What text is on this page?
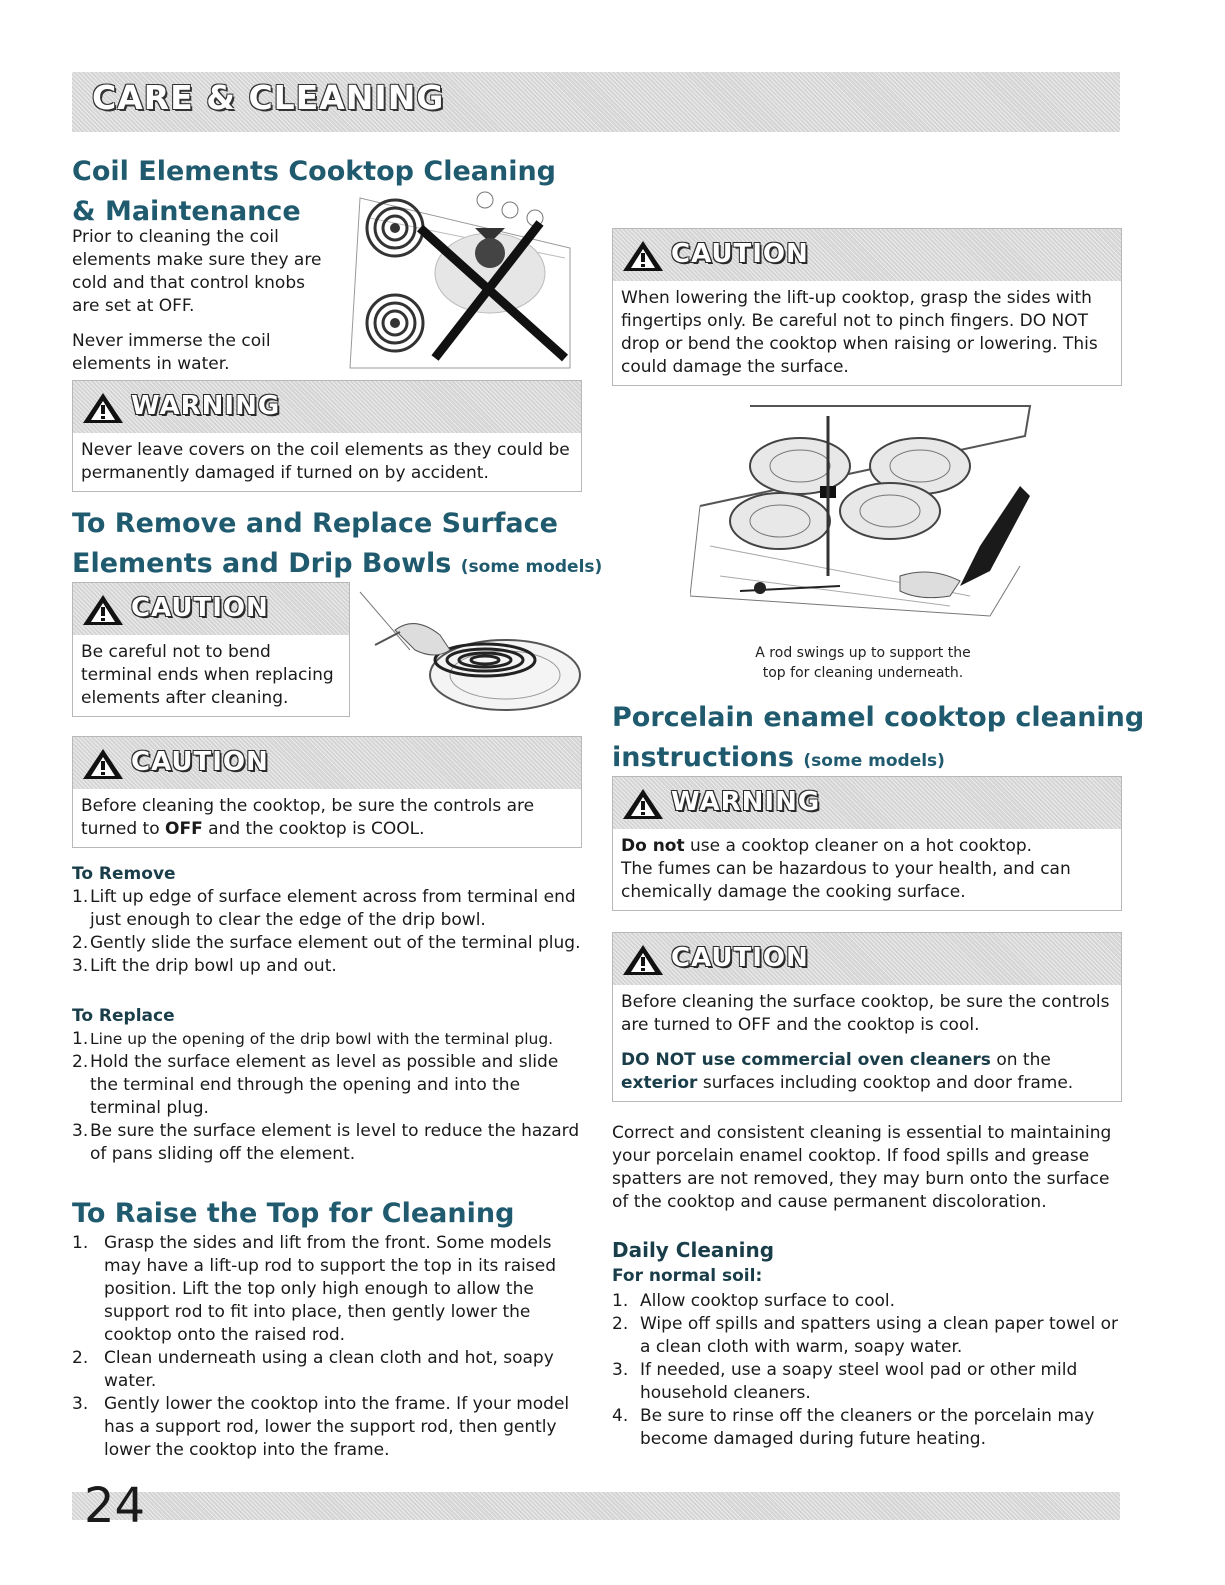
CARE & CLEANING
Coil Elements Cooktop Cleaning
& Maintenance
Prior to cleaning the coil
elements make sure they are
cold and that control knobs
are set at OFF.
Never immerse the coil
elements in water.
WARNING
Never leave covers on the coil elements as they could be
permanently damaged if turned on by accident.
To Remove and Replace Surface
Elements and Drip Bowls (some models)
CAUTION
Be careful not to bend
terminal ends when replacing
elements after cleaning.
CAUTION
Before cleaning the cooktop, be sure the controls are
turned to OFF and the cooktop is COOL.
To Remove
1. Lift up edge of surface element across from terminal end just enough to clear the edge of the drip bowl.
2. Gently slide the surface element out of the terminal plug.
3. Lift the drip bowl up and out.
To Replace
1. Line up the opening of the drip bowl with the terminal plug.
2. Hold the surface element as level as possible and slide the terminal end through the opening and into the terminal plug.
3. Be sure the surface element is level to reduce the hazard of pans sliding off the element.
To Raise the Top for Cleaning
1. Grasp the sides and lift from the front. Some models may have a lift-up rod to support the top in its raised position. Lift the top only high enough to allow the support rod to fit into place, then gently lower the cooktop onto the raised rod.
2. Clean underneath using a clean cloth and hot, soapy water.
3. Gently lower the cooktop into the frame. If your model has a support rod, lower the support rod, then gently lower the cooktop into the frame.
CAUTION
When lowering the lift-up cooktop, grasp the sides with
fingertips only. Be careful not to pinch fingers. DO NOT
drop or bend the cooktop when raising or lowering. This
could damage the surface.
A rod swings up to support the
top for cleaning underneath.
Porcelain enamel cooktop cleaning
instructions (some models)
WARNING
Do not use a cooktop cleaner on a hot cooktop.
The fumes can be hazardous to your health, and can
chemically damage the cooking surface.
CAUTION
Before cleaning the surface cooktop, be sure the controls
are turned to OFF and the cooktop is cool.
DO NOT use commercial oven cleaners on the
exterior surfaces including cooktop and door frame.

Correct and consistent cleaning is essential to maintaining your porcelain enamel cooktop. If food spills and grease spatters are not removed, they may burn onto the surface of the cooktop and cause permanent discoloration.

Daily Cleaning
For normal soil:
1. Allow cooktop surface to cool.
2. Wipe off spills and spatters using a clean paper towel or a clean cloth with warm, soapy water.
3. If needed, use a soapy steel wool pad or other mild household cleaners.
4. Be sure to rinse off the cleaners or the porcelain may become damaged during future heating.
24
